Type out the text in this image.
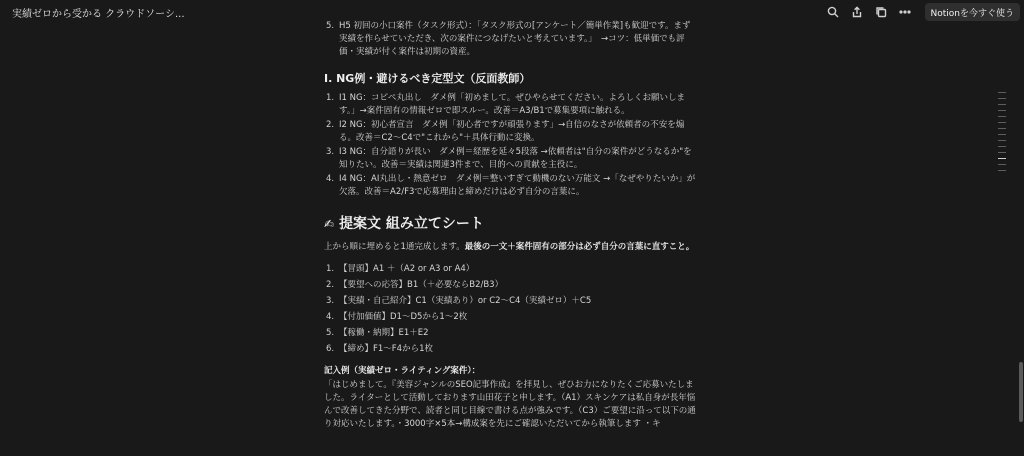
実績ゼロから受かる クラウドソーシ...	Notionを今すぐ使う
5. H5 初回の小口案件（タスク形式）：「タスク形式の[アンケート／簡単作業]も歓迎です。まず実績を作らせていただき、次の案件につなげたいと考えています。」　→コツ：低単価でも評価・実績が付く案件は初期の資産。
I. NG例・避けるべき定型文（反面教師）
1. I1 NG：コピペ丸出し　ダメ例「初めまして。ぜひやらせてください。よろしくお願いします。」→案件固有の情報ゼロで即スルー。改善＝A3/B1で募集要項に触れる。
2. I2 NG：初心者宣言　ダメ例「初心者ですが頑張ります」→自信のなさが依頼者の不安を煽る。改善＝C2〜C4で"これから"＋具体行動に変換。
3. I3 NG：自分語りが長い　ダメ例＝経歴を延々5段落 →依頼者は"自分の案件がどうなるか"を知りたい。改善＝実績は関連3件まで、目的への貢献を主役に。
4. I4 NG：AI丸出し・熱意ゼロ　ダメ例＝整いすぎて動機のない万能文 →「なぜやりたいか」が欠落。改善＝A2/F3で応募理由と締めだけは必ず自分の言葉に。
✍ 提案文 組み立てシート
上から順に埋めると1通完成します。最後の一文＋案件固有の部分は必ず自分の言葉に直すこと。
1. 【冒頭】A1 ＋（A2 or A3 or A4）
2. 【要望への応答】B1（＋必要ならB2/B3）
3. 【実績・自己紹介】C1（実績あり）or C2〜C4（実績ゼロ）＋C5
4. 【付加価値】D1〜D5から1〜2枚
5. 【稼働・納期】E1＋E2
6. 【締め】F1〜F4から1枚
記入例（実績ゼロ・ライティング案件）：
「はじめまして。『美容ジャンルのSEO記事作成』を拝見し、ぜひお力になりたくご応募いたしました。ライターとして活動しております山田花子と申します。（A1）スキンケアは私自身が長年悩んで改善してきた分野で、読者と同じ目線で書ける点が強みです。（C3）ご要望に沿って以下の通り対応いたします。・3000字×5本→構成案を先にご確認いただいてから執筆します ・キ
